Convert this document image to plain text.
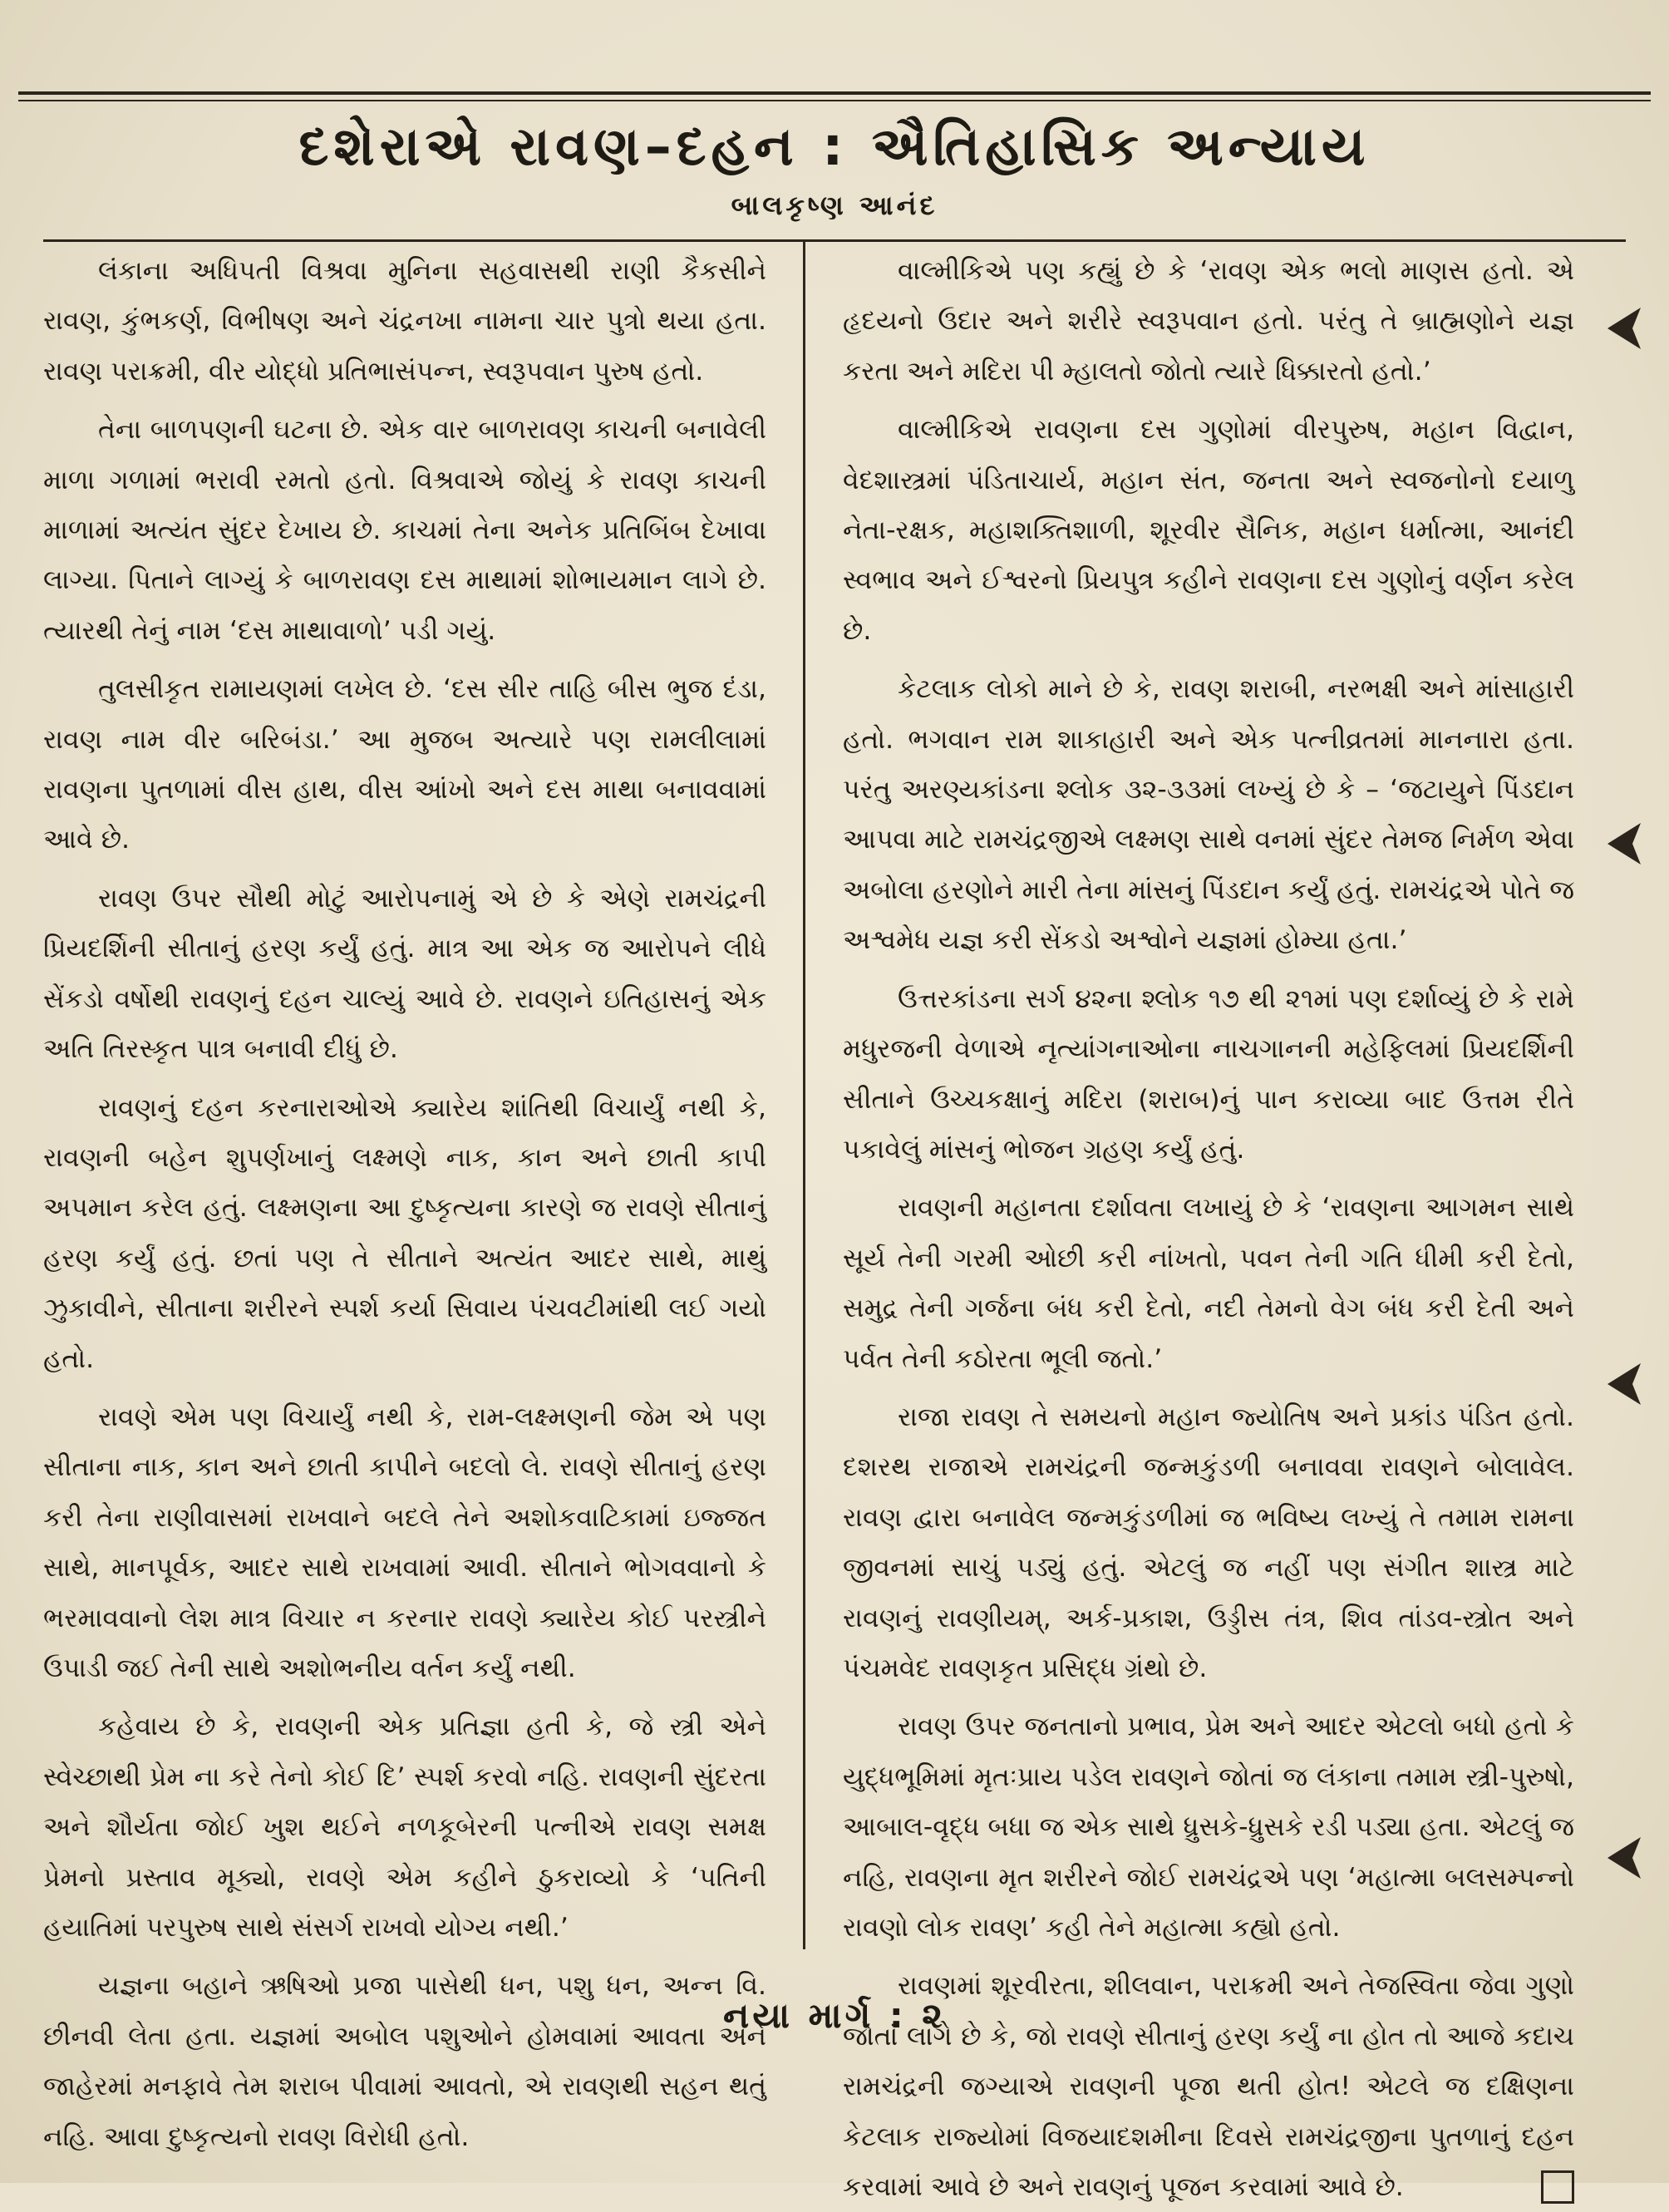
દશેરાએ રાવણ–દહન : ઐતિહાસિક અન્યાય
બાલકૃષ્ણ આનંદ

લંકાના અધિપતી વિશ્રવા મુનિના સહવાસથી રાણી કૈકસીને રાવણ, કુંભકર્ણ, વિભીષણ અને ચંદ્રનખા નામના ચાર પુત્રો થયા હતા. રાવણ પરાક્રમી, વીર યોદ્ધો પ્રતિભાસંપન્ન, સ્વરૂપવાન પુરુષ હતો.

તેના બાળપણની ઘટના છે. એક વાર બાળરાવણ કાચની બનાવેલી માળા ગળામાં ભરાવી રમતો હતો. વિશ્રવાએ જોયું કે રાવણ કાચની માળામાં અત્યંત સુંદર દેખાય છે. કાચમાં તેના અનેક પ્રતિબિંબ દેખાવા લાગ્યા. પિતાને લાગ્યું કે બાળરાવણ દસ માથામાં શોભાયમાન લાગે છે. ત્યારથી તેનું નામ ‘દસ માથાવાળો’ પડી ગયું.

તુલસીકૃત રામાયણમાં લખેલ છે. ‘દસ સીર તાહિ બીસ ભુજ દંડા, રાવણ નામ વીર બરિબંડા.’ આ મુજબ અત્યારે પણ રામલીલામાં રાવણના પુતળામાં વીસ હાથ, વીસ આંખો અને દસ માથા બનાવવામાં આવે છે.

રાવણ ઉપર સૌથી મોટું આરોપનામું એ છે કે એણે રામચંદ્રની પ્રિયદર્શિની સીતાનું હરણ કર્યું હતું. માત્ર આ એક જ આરોપને લીધે સેંકડો વર્ષોથી રાવણનું દહન ચાલ્યું આવે છે. રાવણને ઇતિહાસનું એક અતિ તિરસ્કૃત પાત્ર બનાવી દીધું છે.

રાવણનું દહન કરનારાઓએ ક્યારેય શાંતિથી વિચાર્યું નથી કે, રાવણની બહેન શુપર્ણખાનું લક્ષ્મણે નાક, કાન અને છાતી કાપી અપમાન કરેલ હતું. લક્ષ્મણના આ દુષ્કૃત્યના કારણે જ રાવણે સીતાનું હરણ કર્યું હતું. છતાં પણ તે સીતાને અત્યંત આદર સાથે, માથું ઝુકાવીને, સીતાના શરીરને સ્પર્શ કર્યા સિવાય પંચવટીમાંથી લઈ ગયો હતો.

રાવણે એમ પણ વિચાર્યું નથી કે, રામ-લક્ષ્મણની જેમ એ પણ સીતાના નાક, કાન અને છાતી કાપીને બદલો લે. રાવણે સીતાનું હરણ કરી તેના રાણીવાસમાં રાખવાને બદલે તેને અશોકવાટિકામાં ઇજ્જત સાથે, માનપૂર્વક, આદર સાથે રાખવામાં આવી. સીતાને ભોગવવાનો કે ભરમાવવાનો લેશ માત્ર વિચાર ન કરનાર રાવણે ક્યારેય કોઈ પરસ્ત્રીને ઉપાડી જઈ તેની સાથે અશોભનીય વર્તન કર્યું નથી.

કહેવાય છે કે, રાવણની એક પ્રતિજ્ઞા હતી કે, જે સ્ત્રી એને સ્વેચ્છાથી પ્રેમ ના કરે તેનો કોઈ દિ’ સ્પર્શ કરવો નહિ. રાવણની સુંદરતા અને શૌર્યતા જોઈ ખુશ થઈને નળકૂબેરની પત્નીએ રાવણ સમક્ષ પ્રેમનો પ્રસ્તાવ મૂક્યો, રાવણે એમ કહીને ઠુકરાવ્યો કે ‘પતિની હયાતિમાં પરપુરુષ સાથે સંસર્ગ રાખવો યોગ્ય નથી.’

યજ્ઞના બહાને ઋષિઓ પ્રજા પાસેથી ધન, પશુ ધન, અન્ન વિ. છીનવી લેતા હતા. યજ્ઞમાં અબોલ પશુઓને હોમવામાં આવતા અને જાહેરમાં મનફાવે તેમ શરાબ પીવામાં આવતો, એ રાવણથી સહન થતું નહિ. આવા દુષ્કૃત્યનો રાવણ વિરોધી હતો.

વાલ્મીકિએ પણ કહ્યું છે કે ‘રાવણ એક ભલો માણસ હતો. એ હૃદયનો ઉદાર અને શરીરે સ્વરૂપવાન હતો. પરંતુ તે બ્રાહ્મણોને યજ્ઞ કરતા અને મદિરા પી મ્હાલતો જોતો ત્યારે ધિક્કારતો હતો.’

વાલ્મીકિએ રાવણના દસ ગુણોમાં વીરપુરુષ, મહાન વિદ્વાન, વેદશાસ્ત્રમાં પંડિતાચાર્ય, મહાન સંત, જનતા અને સ્વજનોનો દયાળુ નેતા-રક્ષક, મહાશક્તિશાળી, શૂરવીર સૈનિક, મહાન ધર્માત્મા, આનંદી સ્વભાવ અને ઈશ્વરનો પ્રિયપુત્ર કહીને રાવણના દસ ગુણોનું વર્ણન કરેલ છે.

કેટલાક લોકો માને છે કે, રાવણ શરાબી, નરભક્ષી અને માંસાહારી હતો. ભગવાન રામ શાકાહારી અને એક પત્નીવ્રતમાં માનનારા હતા. પરંતુ અરણ્યકાંડના શ્લોક ૩૨-૩૩માં લખ્યું છે કે – ‘જટાયુને પિંડદાન આપવા માટે રામચંદ્રજીએ લક્ષ્મણ સાથે વનમાં સુંદર તેમજ નિર્મળ એવા અબોલા હરણોને મારી તેના માંસનું પિંડદાન કર્યું હતું. રામચંદ્રએ પોતે જ અશ્વમેધ યજ્ઞ કરી સેંકડો અશ્વોને યજ્ઞમાં હોમ્યા હતા.’

ઉત્તરકાંડના સર્ગ ૪૨ના શ્લોક ૧૭ થી ૨૧માં પણ દર્શાવ્યું છે કે રામે મધુરજની વેળાએ નૃત્યાંગનાઓના નાચગાનની મહેફિલમાં પ્રિયદર્શિની સીતાને ઉચ્ચકક્ષાનું મદિરા (શરાબ)નું પાન કરાવ્યા બાદ ઉત્તમ રીતે પકાવેલું માંસનું ભોજન ગ્રહણ કર્યું હતું.

રાવણની મહાનતા દર્શાવતા લખાયું છે કે ‘રાવણના આગમન સાથે સૂર્ય તેની ગરમી ઓછી કરી નાંખતો, પવન તેની ગતિ ધીમી કરી દેતો, સમુદ્ર તેની ગર્જના બંધ કરી દેતો, નદી તેમનો વેગ બંધ કરી દેતી અને પર્વત તેની કઠોરતા ભૂલી જતો.’

રાજા રાવણ તે સમયનો મહાન જ્યોતિષ અને પ્રકાંડ પંડિત હતો. દશરથ રાજાએ રામચંદ્રની જન્મકુંડળી બનાવવા રાવણને બોલાવેલ. રાવણ દ્વારા બનાવેલ જન્મકુંડળીમાં જ ભવિષ્ય લખ્યું તે તમામ રામના જીવનમાં સાચું પડ્યું હતું. એટલું જ નહીં પણ સંગીત શાસ્ત્ર માટે રાવણનું રાવણીયમ્, અર્ક-પ્રકાશ, ઉડ્ડીસ તંત્ર, શિવ તાંડવ-સ્ત્રોત અને પંચમવેદ રાવણકૃત પ્રસિદ્ધ ગ્રંથો છે.

રાવણ ઉપર જનતાનો પ્રભાવ, પ્રેમ અને આદર એટલો બધો હતો કે યુદ્ધભૂમિમાં મૃતઃપ્રાય પડેલ રાવણને જોતાં જ લંકાના તમામ સ્ત્રી-પુરુષો, આબાલ-વૃદ્ધ બધા જ એક સાથે ધ્રુસકે-ધ્રુસકે રડી પડ્યા હતા. એટલું જ નહિ, રાવણના મૃત શરીરને જોઈ રામચંદ્રએ પણ ‘મહાત્મા બલસમ્પન્નો રાવણો લોક રાવણ’ કહી તેને મહાત્મા કહ્યો હતો.

રાવણમાં શૂરવીરતા, શીલવાન, પરાક્રમી અને તેજસ્વિતા જેવા ગુણો જોતાં લાગે છે કે, જો રાવણે સીતાનું હરણ કર્યું ના હોત તો આજે કદાચ રામચંદ્રની જગ્યાએ રાવણની પૂજા થતી હોત! એટલે જ દક્ષિણના કેટલાક રાજ્યોમાં વિજયાદશમીના દિવસે રામચંદ્રજીના પુતળાનું દહન કરવામાં આવે છે અને રાવણનું પૂજન કરવામાં આવે છે.

નયા માર્ગ : ૨
